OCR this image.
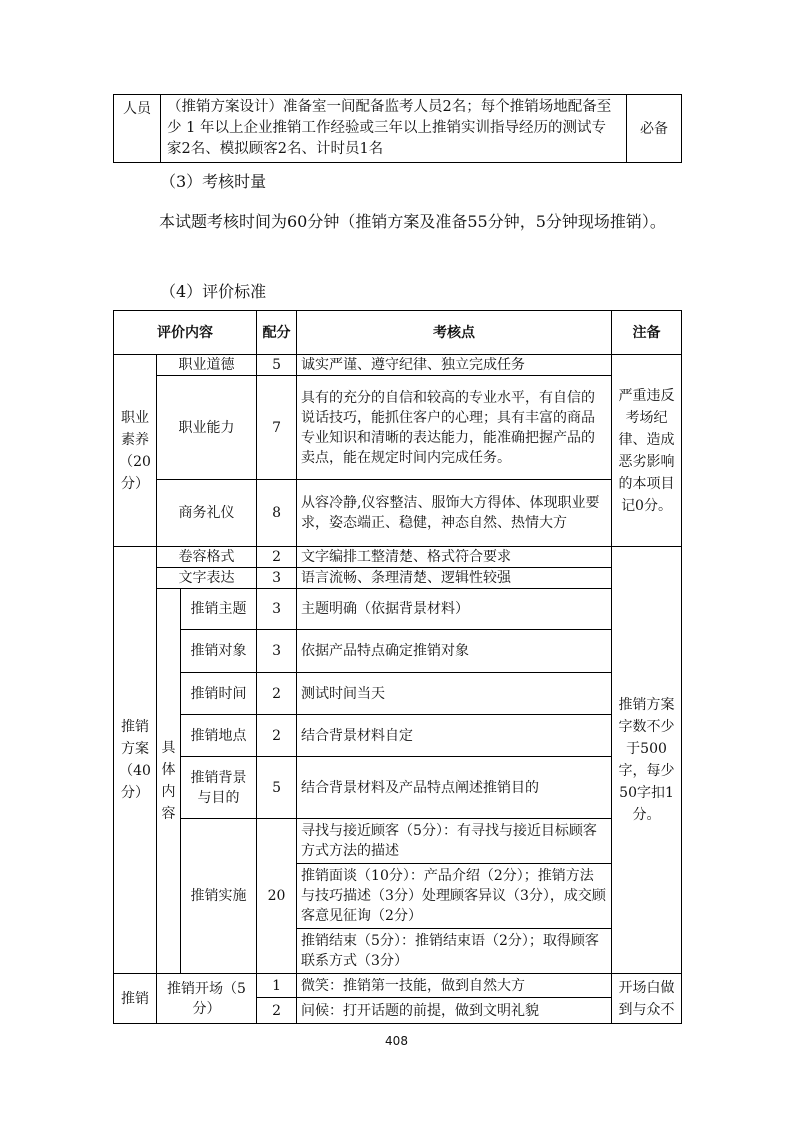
人员	（推销方案设计）准备室一间配备监考人员2名；每个推销场地配备至少 1 年以上企业推销工作经验或三年以上推销实训指导经历的测试专家2名、模拟顾客2名、计时员1名	必备
（3）考核时量
本试题考核时间为60分钟（推销方案及准备55分钟，5分钟现场推销）。
（4）评价标准
评价内容			配分	考核点	注备
职业素养（20分）	职业道德		5	诚实严谨、遵守纪律、独立完成任务	严重违反考场纪律、造成恶劣影响的本项目记0分。
	职业能力		7	具有的充分的自信和较高的专业水平，有自信的说话技巧，能抓住客户的心理；具有丰富的商品专业知识和清晰的表达能力，能准确把握产品的卖点，能在规定时间内完成任务。	
	商务礼仪		8	从容冷静,仪容整洁、服饰大方得体、体现职业要求，姿态端正、稳健，神态自然、热情大方	
推销方案（40分）	卷容格式		2	文字编排工整清楚、格式符合要求	推销方案字数不少于500字，每少50字扣1分。
	文字表达		3	语言流畅、条理清楚、逻辑性较强	
	具体内容	推销主题	3	主题明确（依据背景材料）	
		推销对象	3	依据产品特点确定推销对象	
		推销时间	2	测试时间当天	
		推销地点	2	结合背景材料自定	
		推销背景与目的	5	结合背景材料及产品特点阐述推销目的	
		推销实施	20	寻找与接近顾客（5分）：有寻找与接近目标顾客方式方法的描述
推销面谈（10分）：产品介绍（2分）；推销方法与技巧描述（3分）处理顾客异议（3分），成交顾客意见征询（2分）
推销结束（5分）：推销结束语（2分）；取得顾客联系方式（3分）	

推销	推销开场（5分）		1	微笑：推销第一技能，做到自然大方	开场白做到与众不
			2	问候：打开话题的前提，做到文明礼貌	
408
